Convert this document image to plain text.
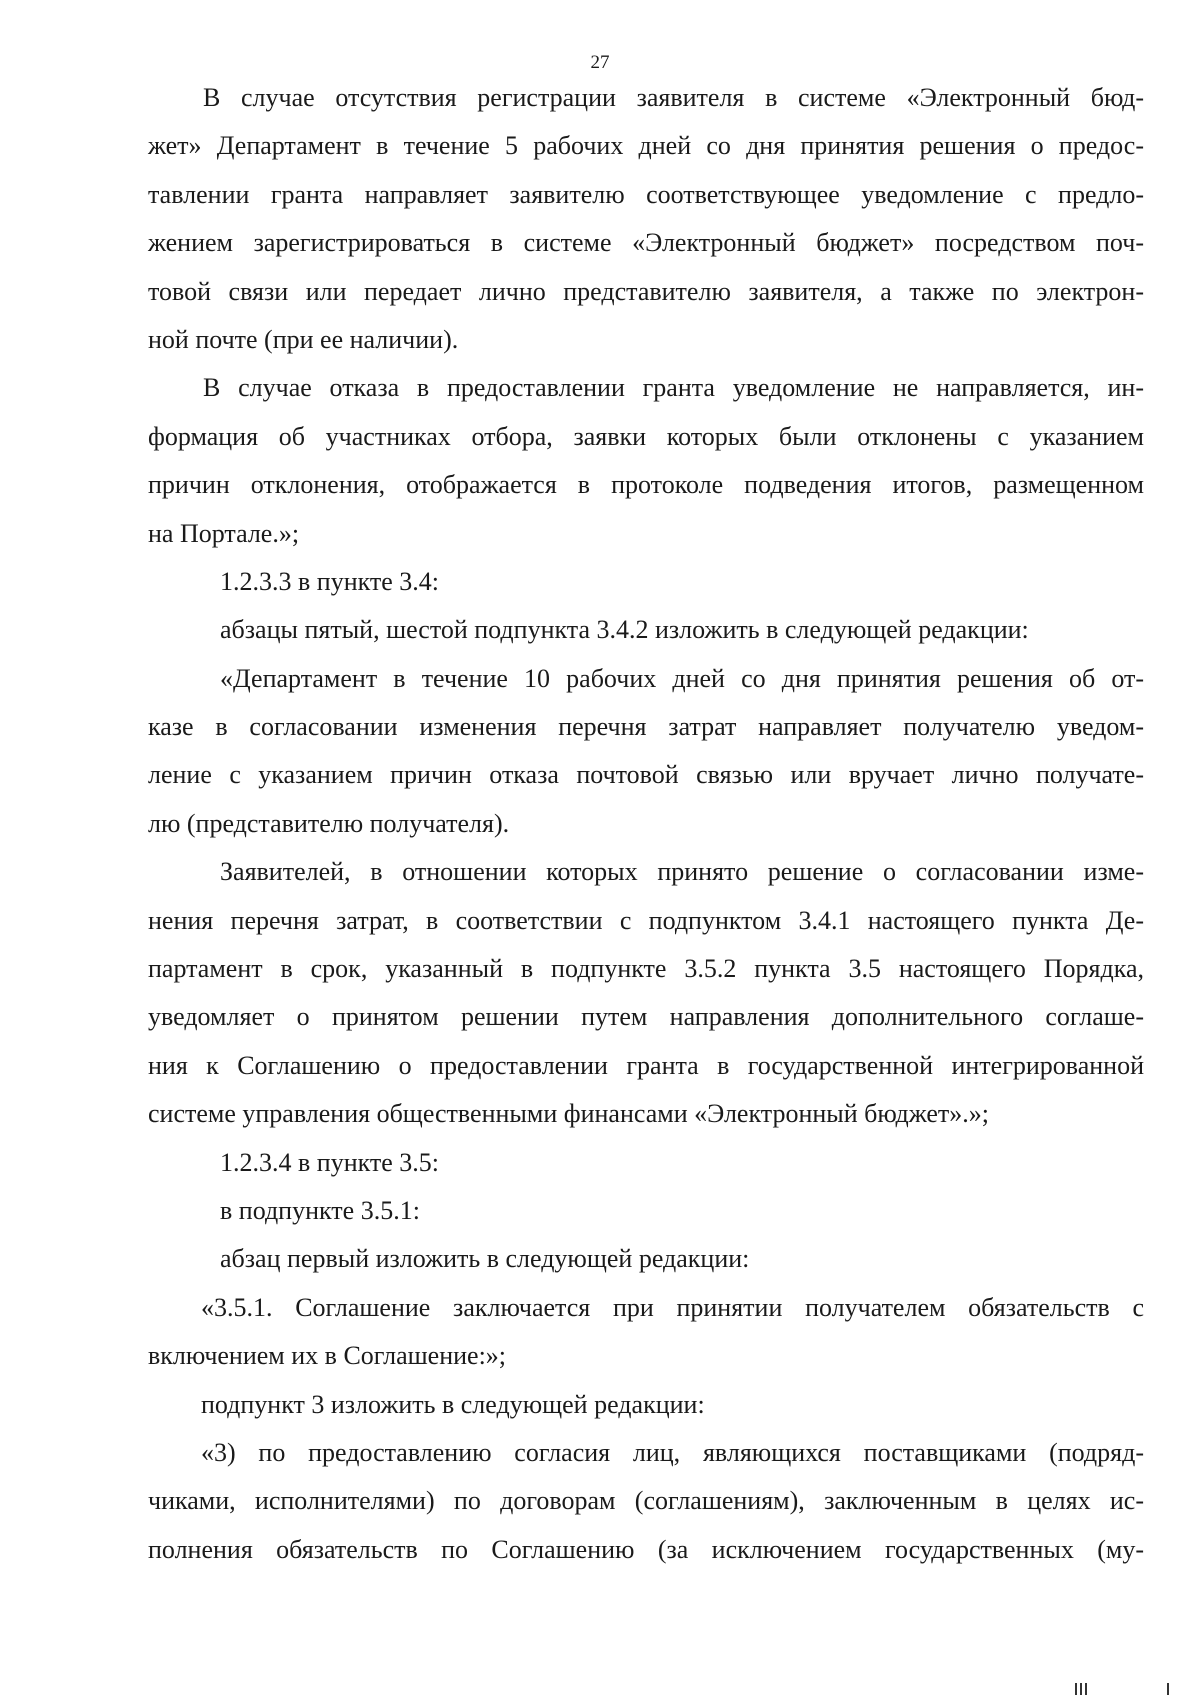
27
В случае отсутствия регистрации заявителя в системе «Электронный бюд-
жет» Департамент в течение 5 рабочих дней со дня принятия решения о предос-
тавлении гранта направляет заявителю соответствующее уведомление с предло-
жением зарегистрироваться в системе «Электронный бюджет» посредством поч-
товой связи или передает лично представителю заявителя, а также по электрон-
ной почте (при ее наличии).
В случае отказа в предоставлении гранта уведомление не направляется, ин-
формация об участниках отбора, заявки которых были отклонены с указанием
причин отклонения, отображается в протоколе подведения итогов, размещенном
на Портале.»;
1.2.3.3 в пункте 3.4:
абзацы пятый, шестой подпункта 3.4.2 изложить в следующей редакции:
«Департамент в течение 10 рабочих дней со дня принятия решения об от-
казе в согласовании изменения перечня затрат направляет получателю уведом-
ление с указанием причин отказа почтовой связью или вручает лично получате-
лю (представителю получателя).
Заявителей, в отношении которых принято решение о согласовании изме-
нения перечня затрат, в соответствии с подпунктом 3.4.1 настоящего пункта Де-
партамент в срок, указанный в подпункте 3.5.2 пункта 3.5 настоящего Порядка,
уведомляет о принятом решении путем направления дополнительного соглаше-
ния к Соглашению о предоставлении гранта в государственной интегрированной
системе управления общественными финансами «Электронный бюджет».»;
1.2.3.4 в пункте 3.5:
в подпункте 3.5.1:
абзац первый изложить в следующей редакции:
«3.5.1. Соглашение заключается при принятии получателем обязательств с
включением их в Соглашение:»;
подпункт 3 изложить в следующей редакции:
«3) по предоставлению согласия лиц, являющихся поставщиками (подряд-
чиками, исполнителями) по договорам (соглашениям), заключенным в целях ис-
полнения обязательств по Соглашению (за исключением государственных (му-
